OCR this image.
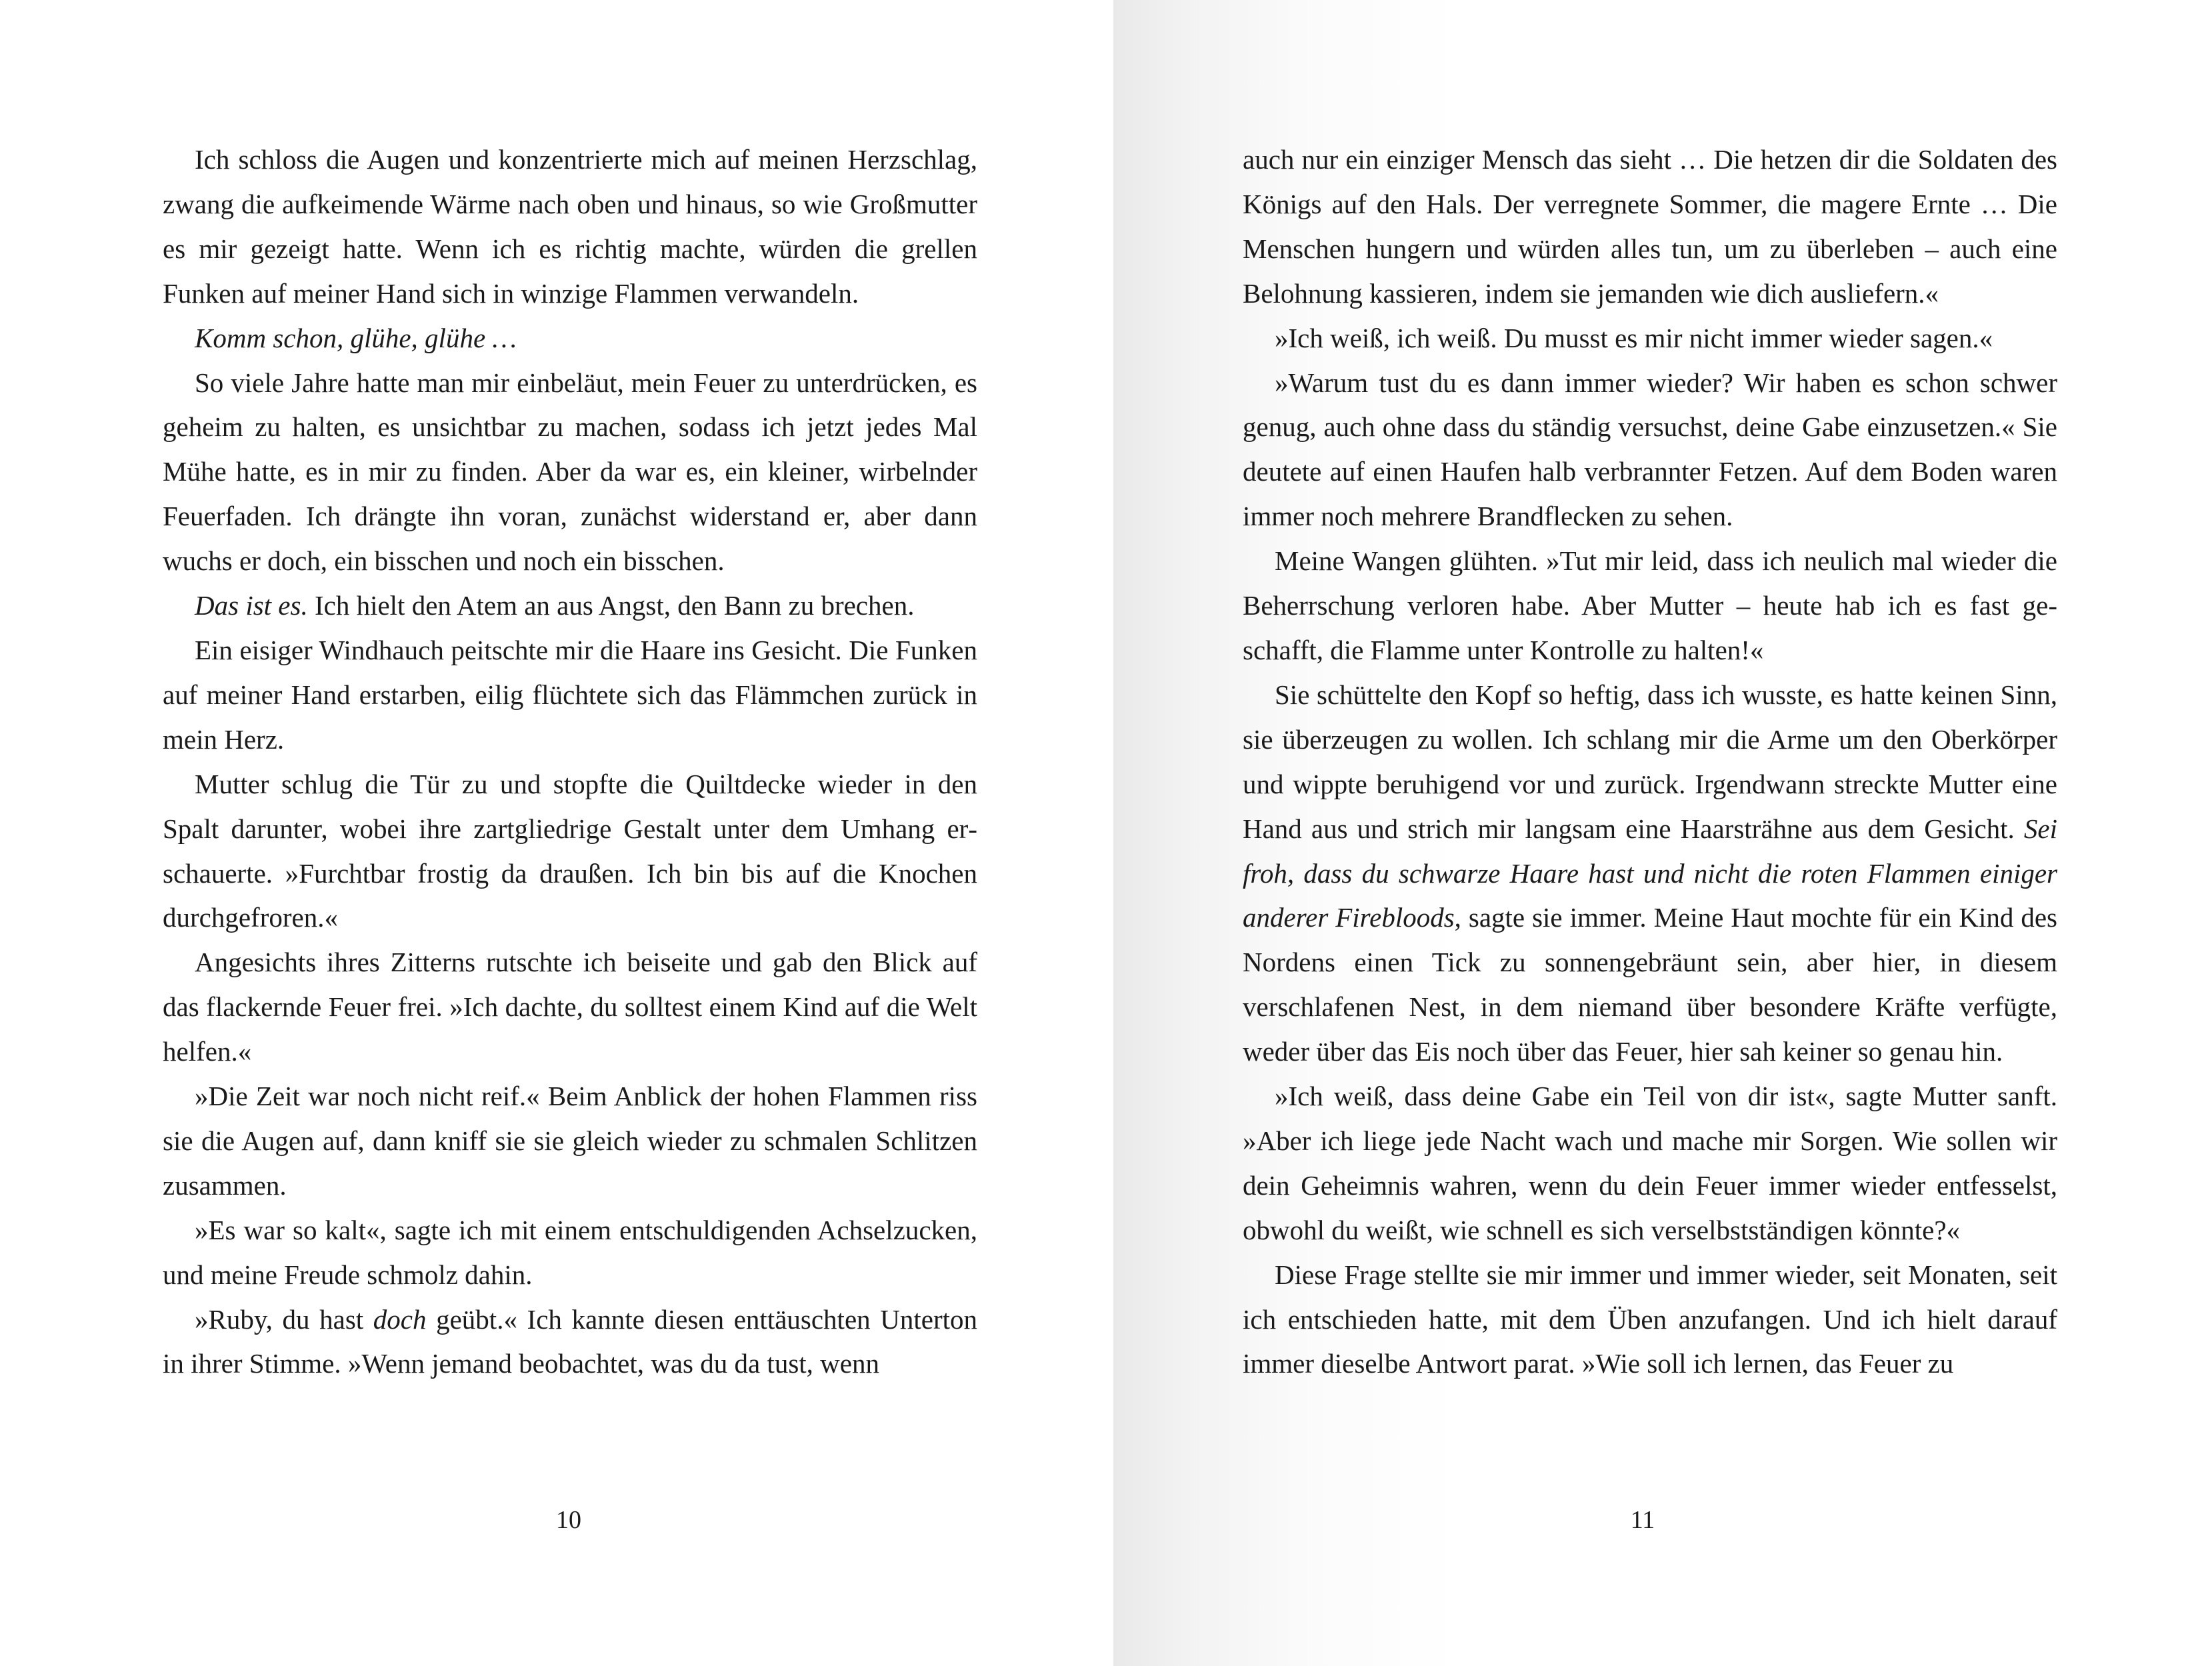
Ich schloss die Augen und konzentrierte mich auf meinen Herzschlag, zwang die aufkeimende Wärme nach oben und hinaus, so wie Großmutter es mir gezeigt hatte. Wenn ich es richtig machte, würden die grellen Funken auf meiner Hand sich in winzige Flammen verwandeln.

Komm schon, glühe, glühe …

So viele Jahre hatte man mir einbeläut, mein Feuer zu unterdrücken, es geheim zu halten, es unsichtbar zu machen, sodass ich jetzt jedes Mal Mühe hatte, es in mir zu finden. Aber da war es, ein kleiner, wirbelnder Feuerfaden. Ich drängte ihn voran, zunächst widerstand er, aber dann wuchs er doch, ein bisschen und noch ein bisschen.

Das ist es. Ich hielt den Atem an aus Angst, den Bann zu brechen.

Ein eisiger Windhauch peitschte mir die Haare ins Gesicht. Die Funken auf meiner Hand erstarben, eilig flüchtete sich das Flämmchen zurück in mein Herz.

Mutter schlug die Tür zu und stopfte die Quiltdecke wieder in den Spalt darunter, wobei ihre zartgliedrige Gestalt unter dem Umhang erschauerte. »Furchtbar frostig da draußen. Ich bin bis auf die Knochen durchgefroren.«

Angesichts ihres Zitterns rutschte ich beiseite und gab den Blick auf das flackernde Feuer frei. »Ich dachte, du solltest einem Kind auf die Welt helfen.«

»Die Zeit war noch nicht reif.« Beim Anblick der hohen Flammen riss sie die Augen auf, dann kniff sie sie gleich wieder zu schmalen Schlitzen zusammen.

»Es war so kalt«, sagte ich mit einem entschuldigenden Achselzucken, und meine Freude schmolz dahin.

»Ruby, du hast doch geübt.« Ich kannte diesen enttäuschten Unterton in ihrer Stimme. »Wenn jemand beobachtet, was du da tust, wenn

10

auch nur ein einziger Mensch das sieht … Die hetzen dir die Soldaten des Königs auf den Hals. Der verregnete Sommer, die magere Ernte … Die Menschen hungern und würden alles tun, um zu überleben – auch eine Belohnung kassieren, indem sie jemanden wie dich ausliefern.«

»Ich weiß, ich weiß. Du musst es mir nicht immer wieder sagen.«

»Warum tust du es dann immer wieder? Wir haben es schon schwer genug, auch ohne dass du ständig versuchst, deine Gabe einzusetzen.« Sie deutete auf einen Haufen halb verbrannter Fetzen. Auf dem Boden waren immer noch mehrere Brandflecken zu sehen.

Meine Wangen glühten. »Tut mir leid, dass ich neulich mal wieder die Beherrschung verloren habe. Aber Mutter – heute hab ich es fast geschafft, die Flamme unter Kontrolle zu halten!«

Sie schüttelte den Kopf so heftig, dass ich wusste, es hatte keinen Sinn, sie überzeugen zu wollen. Ich schlang mir die Arme um den Oberkörper und wippte beruhigend vor und zurück. Irgendwann streckte Mutter eine Hand aus und strich mir langsam eine Haarsträhne aus dem Gesicht. Sei froh, dass du schwarze Haare hast und nicht die roten Flammen einiger anderer Firebloods, sagte sie immer. Meine Haut mochte für ein Kind des Nordens einen Tick zu sonnengebräunt sein, aber hier, in diesem verschlafenen Nest, in dem niemand über besondere Kräfte verfügte, weder über das Eis noch über das Feuer, hier sah keiner so genau hin.

»Ich weiß, dass deine Gabe ein Teil von dir ist«, sagte Mutter sanft. »Aber ich liege jede Nacht wach und mache mir Sorgen. Wie sollen wir dein Geheimnis wahren, wenn du dein Feuer immer wieder entfesselst, obwohl du weißt, wie schnell es sich verselbstständigen könnte?«

Diese Frage stellte sie mir immer und immer wieder, seit Monaten, seit ich entschieden hatte, mit dem Üben anzufangen. Und ich hielt darauf immer dieselbe Antwort parat. »Wie soll ich lernen, das Feuer zu

11
